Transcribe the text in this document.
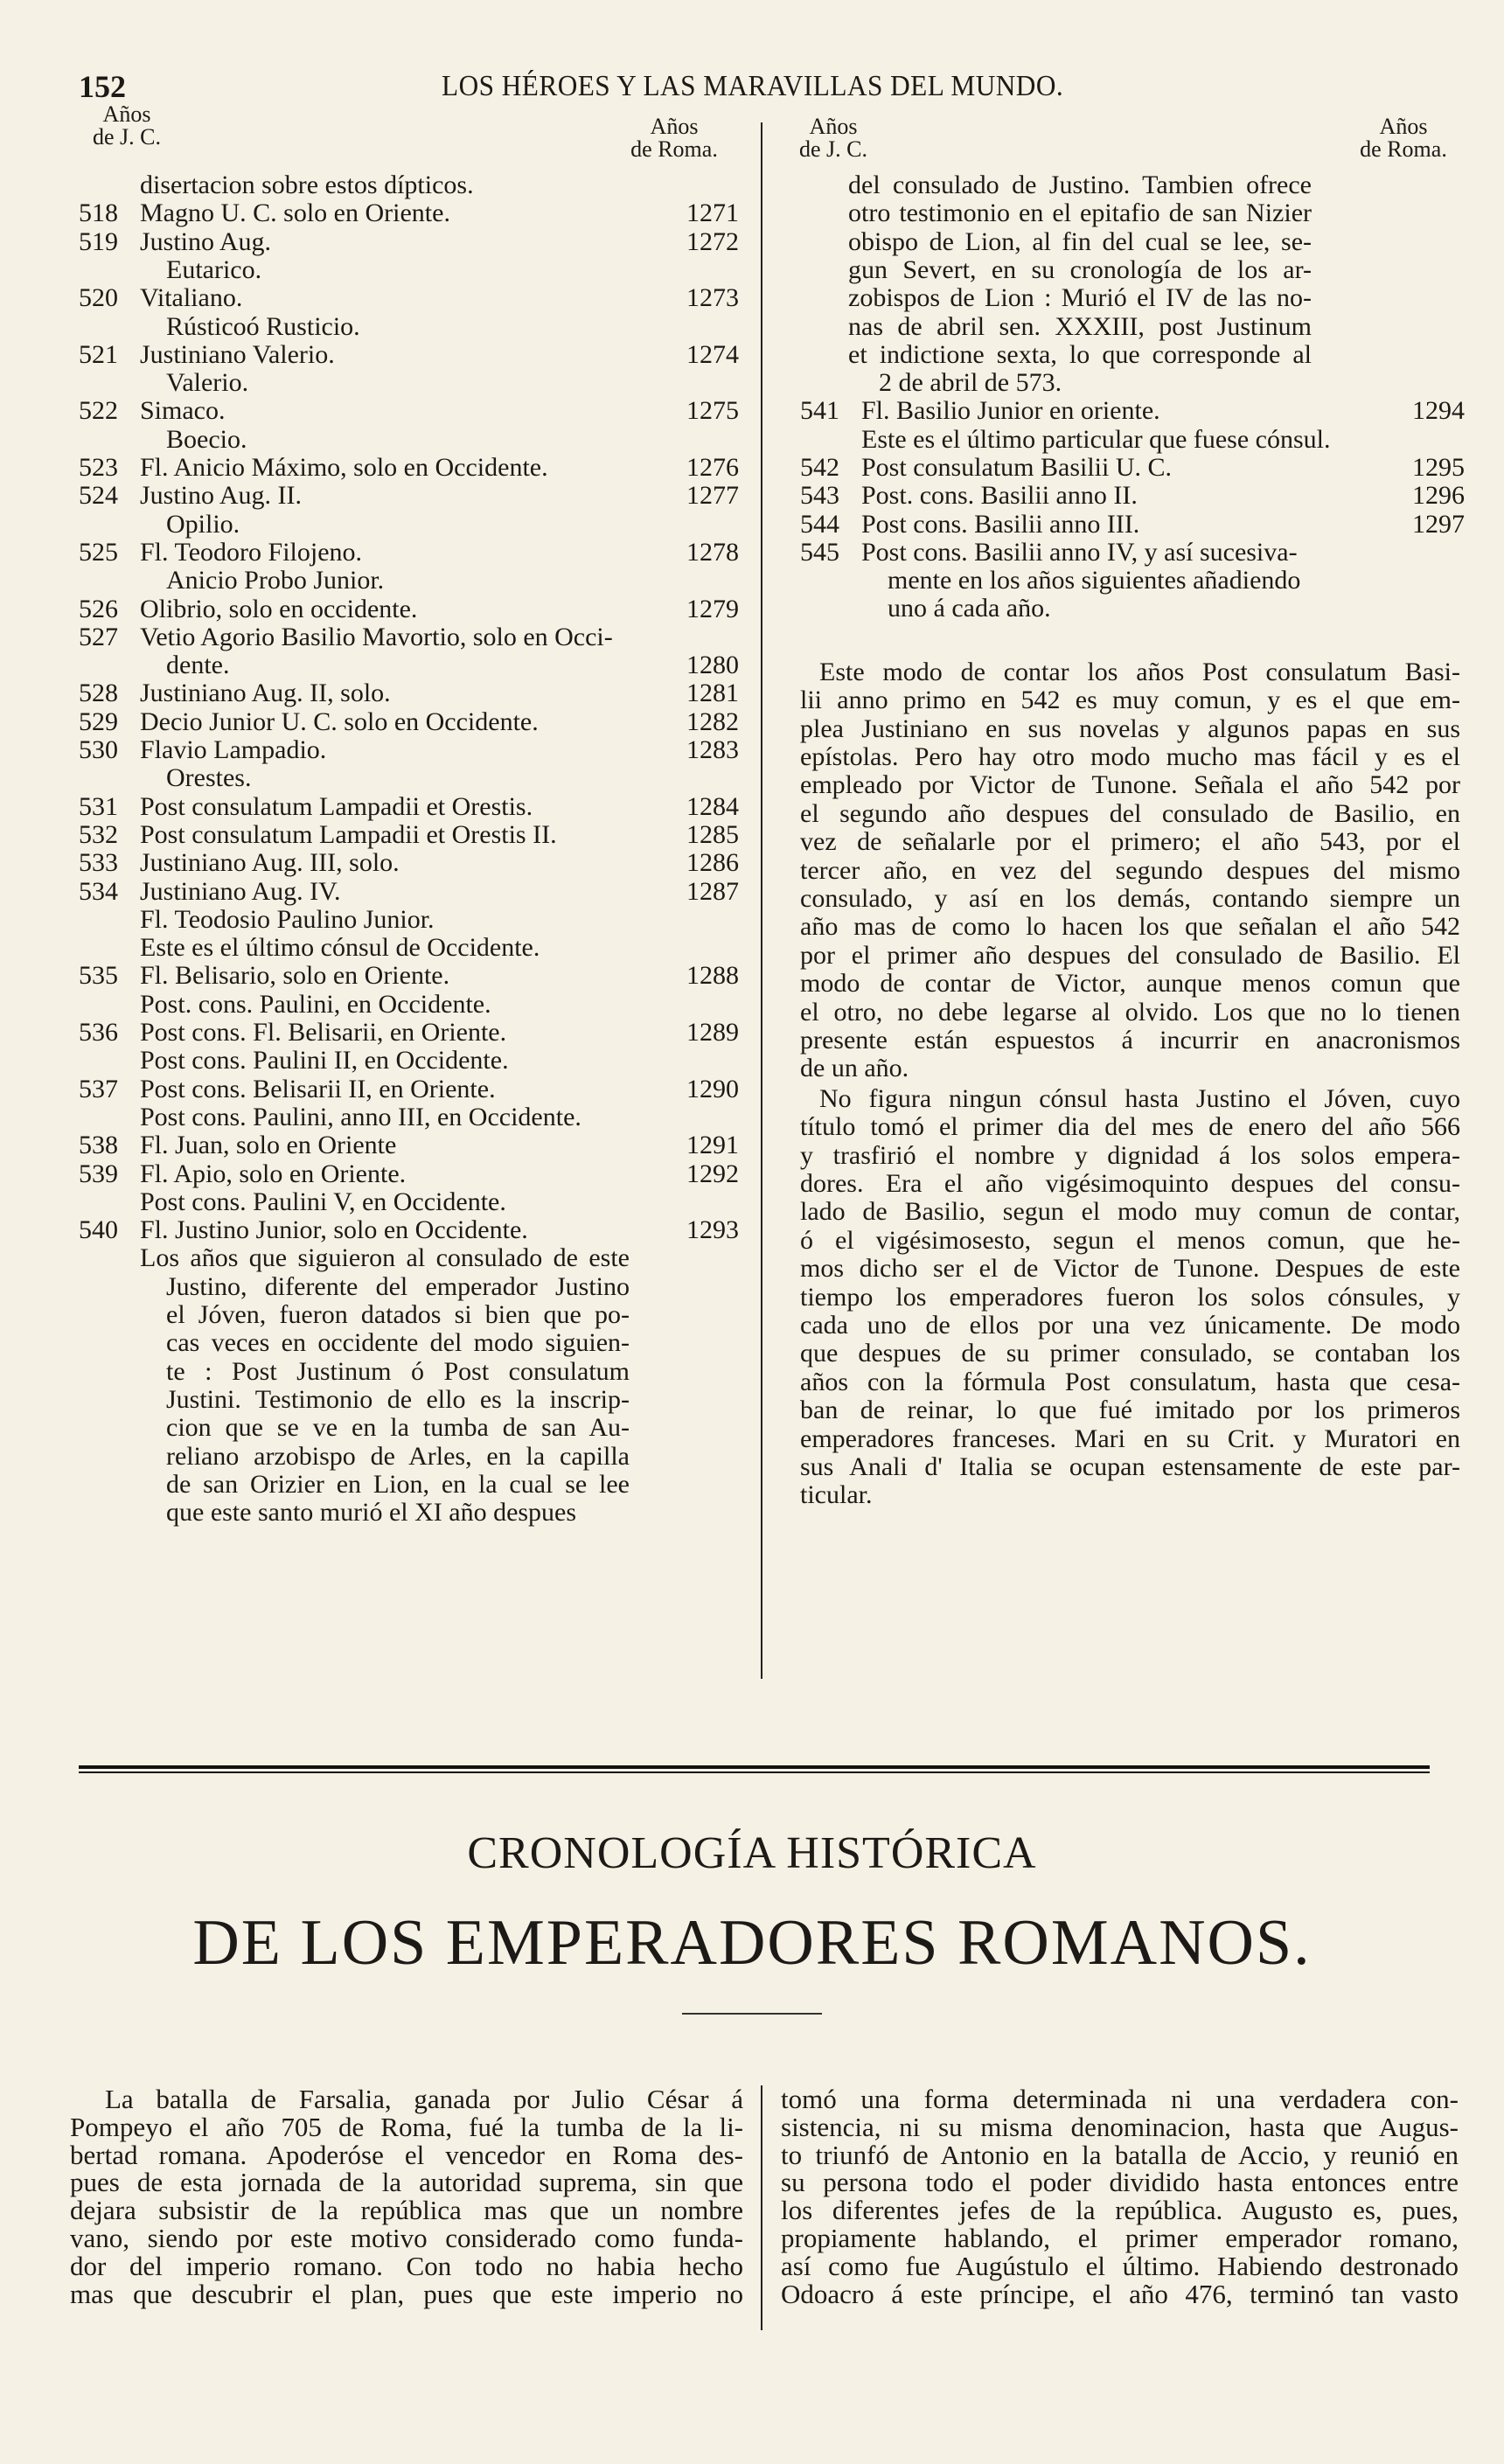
152	LOS HÉROES Y LAS MARAVILLAS DEL MUNDO.
Años
de J. C.	Años
de Roma.
Años
de J. C.
Años
de Roma.
disertacion sobre estos dípticos.
518 Magno U. C. solo en Oriente.	1271
519 Justino Aug.	1272
Eutarico.
520 Vitaliano.	1273
Rústicoó Rusticio.
521 Justiniano Valerio.	1274
Valerio.
522 Simaco.	1275
Boecio.
523 Fl. Anicio Máximo, solo en Occidente.	1276
524 Justino Aug. II.	1277
Opilio.
525 Fl. Teodoro Filojeno.	1278
Anicio Probo Junior.
526 Olibrio, solo en occidente.	1279
527 Vetio Agorio Basilio Mavortio, solo en Occi-
dente.	1280
528 Justiniano Aug. II, solo.	1281
529 Decio Junior U. C. solo en Occidente.	1282
530 Flavio Lampadio.	1283
Orestes.
531 Post consulatum Lampadii et Orestis.	1284
532 Post consulatum Lampadii et Orestis II.	1285
533 Justiniano Aug. III, solo.	1286
534 Justiniano Aug. IV.	1287
Fl. Teodosio Paulino Junior.
Este es el último cónsul de Occidente.
535 Fl. Belisario, solo en Oriente.	1288
Post. cons. Paulini, en Occidente.
536 Post cons. Fl. Belisarii, en Oriente.	1289
Post cons. Paulini II, en Occidente.
537 Post cons. Belisarii II, en Oriente.	1290
Post cons. Paulini, anno III, en Occidente.
538 Fl. Juan, solo en Oriente	1291
539 Fl. Apio, solo en Oriente.	1292
Post cons. Paulini V, en Occidente.
540 Fl. Justino Junior, solo en Occidente.	1293
Los años que siguieron al consulado de este
Justino, diferente del emperador Justino
el Jóven, fueron datados si bien que po-
cas veces en occidente del modo siguien-
te : Post Justinum ó Post consulatum
Justini. Testimonio de ello es la inscrip-
cion que se ve en la tumba de san Au-
reliano arzobispo de Arles, en la capilla
de san Orizier en Lion, en la cual se lee
que este santo murió el XI año despues
del consulado de Justino. Tambien ofrece
otro testimonio en el epitafio de san Nizier
obispo de Lion, al fin del cual se lee, se-
gun Severt, en su cronología de los ar-
zobispos de Lion : Murió el IV de las no-
nas de abril sen. XXXIII, post Justinum
et indictione sexta, lo que corresponde al
2 de abril de 573.
541 Fl. Basilio Junior en oriente.	1294
Este es el último particular que fuese cónsul.
542 Post consulatum Basilii U. C.	1295
543 Post. cons. Basilii anno II.	1296
544 Post cons. Basilii anno III.	1297
545 Post cons. Basilii anno IV, y así sucesiva-
mente en los años siguientes añadiendo
uno á cada año.
Este modo de contar los años Post consulatum Basi-
lii anno primo en 542 es muy comun, y es el que em-
plea Justiniano en sus novelas y algunos papas en sus
epístolas. Pero hay otro modo mucho mas fácil y es el
empleado por Victor de Tunone. Señala el año 542 por
el segundo año despues del consulado de Basilio, en
vez de señalarle por el primero; el año 543, por el
tercer año, en vez del segundo despues del mismo
consulado, y así en los demás, contando siempre un
año mas de como lo hacen los que señalan el año 542
por el primer año despues del consulado de Basilio. El
modo de contar de Victor, aunque menos comun que
el otro, no debe legarse al olvido. Los que no lo tienen
presente están espuestos á incurrir en anacronismos
de un año.
No figura ningun cónsul hasta Justino el Jóven, cuyo
título tomó el primer dia del mes de enero del año 566
y trasfirió el nombre y dignidad á los solos empera-
dores. Era el año vigésimoquinto despues del consu-
lado de Basilio, segun el modo muy comun de contar,
ó el vigésimosesto, segun el menos comun, que he-
mos dicho ser el de Victor de Tunone. Despues de este
tiempo los emperadores fueron los solos cónsules, y
cada uno de ellos por una vez únicamente. De modo
que despues de su primer consulado, se contaban los
años con la fórmula Post consulatum, hasta que cesa-
ban de reinar, lo que fué imitado por los primeros
emperadores franceses. Mari en su Crit. y Muratori en
sus Anali d' Italia se ocupan estensamente de este par-
ticular.
CRONOLOGÍA HISTÓRICA
DE LOS EMPERADORES ROMANOS.
La batalla de Farsalia, ganada por Julio César á
Pompeyo el año 705 de Roma, fué la tumba de la li-
bertad romana. Apoderóse el vencedor en Roma des-
pues de esta jornada de la autoridad suprema, sin que
dejara subsistir de la república mas que un nombre
vano, siendo por este motivo considerado como funda-
dor del imperio romano. Con todo no habia hecho
mas que descubrir el plan, pues que este imperio no
tomó una forma determinada ni una verdadera con-
sistencia, ni su misma denominacion, hasta que Augus-
to triunfó de Antonio en la batalla de Accio, y reunió en
su persona todo el poder dividido hasta entonces entre
los diferentes jefes de la república. Augusto es, pues,
propiamente hablando, el primer emperador romano,
así como fue Augústulo el último. Habiendo destronado
Odoacro á este príncipe, el año 476, terminó tan vasto
